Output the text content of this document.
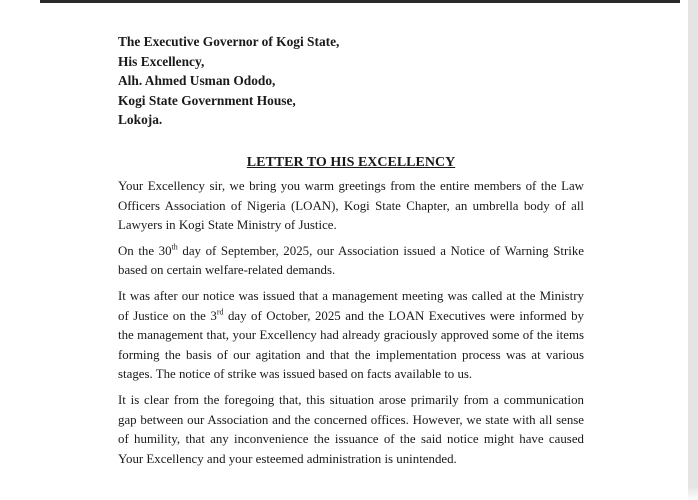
The Executive Governor of Kogi State,
His Excellency,
Alh. Ahmed Usman Ododo,
Kogi State Government House,
Lokoja.
LETTER TO HIS EXCELLENCY

Your Excellency sir, we bring you warm greetings from the entire members of the Law Officers Association of Nigeria (LOAN), Kogi State Chapter, an umbrella body of all Lawyers in Kogi State Ministry of Justice.

On the 30th day of September, 2025, our Association issued a Notice of Warning Strike based on certain welfare-related demands.

It was after our notice was issued that a management meeting was called at the Ministry of Justice on the 3rd day of October, 2025 and the LOAN Executives were informed by the management that, your Excellency had already graciously approved some of the items forming the basis of our agitation and that the implementation process was at various stages. The notice of strike was issued based on facts available to us.

It is clear from the foregoing that, this situation arose primarily from a communication gap between our Association and the concerned offices. However, we state with all sense of humility, that any inconvenience the issuance of the said notice might have caused Your Excellency and your esteemed administration is unintended.
